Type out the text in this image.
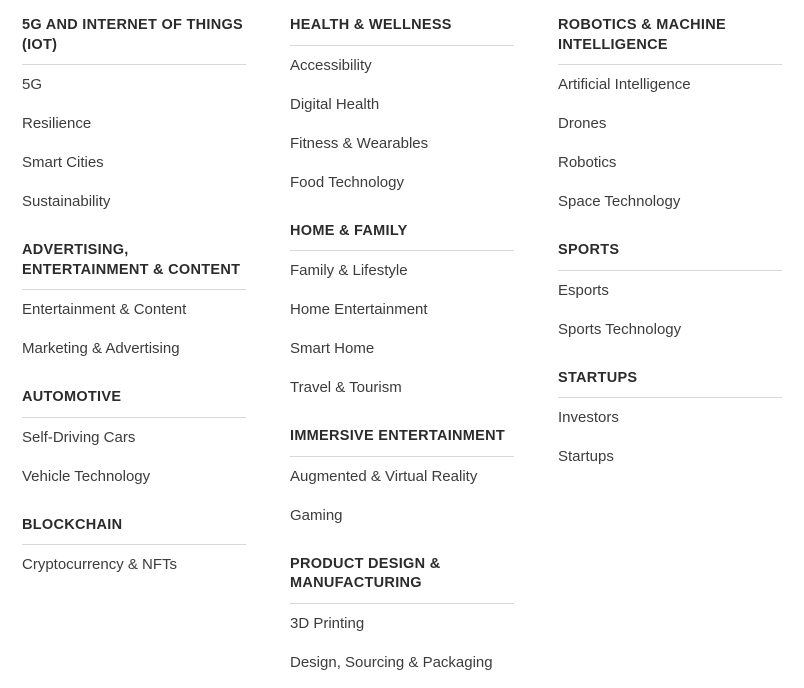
5G AND INTERNET OF THINGS (IOT)
5G
Resilience
Smart Cities
Sustainability
ADVERTISING, ENTERTAINMENT & CONTENT
Entertainment & Content
Marketing & Advertising
AUTOMOTIVE
Self-Driving Cars
Vehicle Technology
BLOCKCHAIN
Cryptocurrency & NFTs
HEALTH & WELLNESS
Accessibility
Digital Health
Fitness & Wearables
Food Technology
HOME & FAMILY
Family & Lifestyle
Home Entertainment
Smart Home
Travel & Tourism
IMMERSIVE ENTERTAINMENT
Augmented & Virtual Reality
Gaming
PRODUCT DESIGN & MANUFACTURING
3D Printing
Design, Sourcing & Packaging
ROBOTICS & MACHINE INTELLIGENCE
Artificial Intelligence
Drones
Robotics
Space Technology
SPORTS
Esports
Sports Technology
STARTUPS
Investors
Startups
